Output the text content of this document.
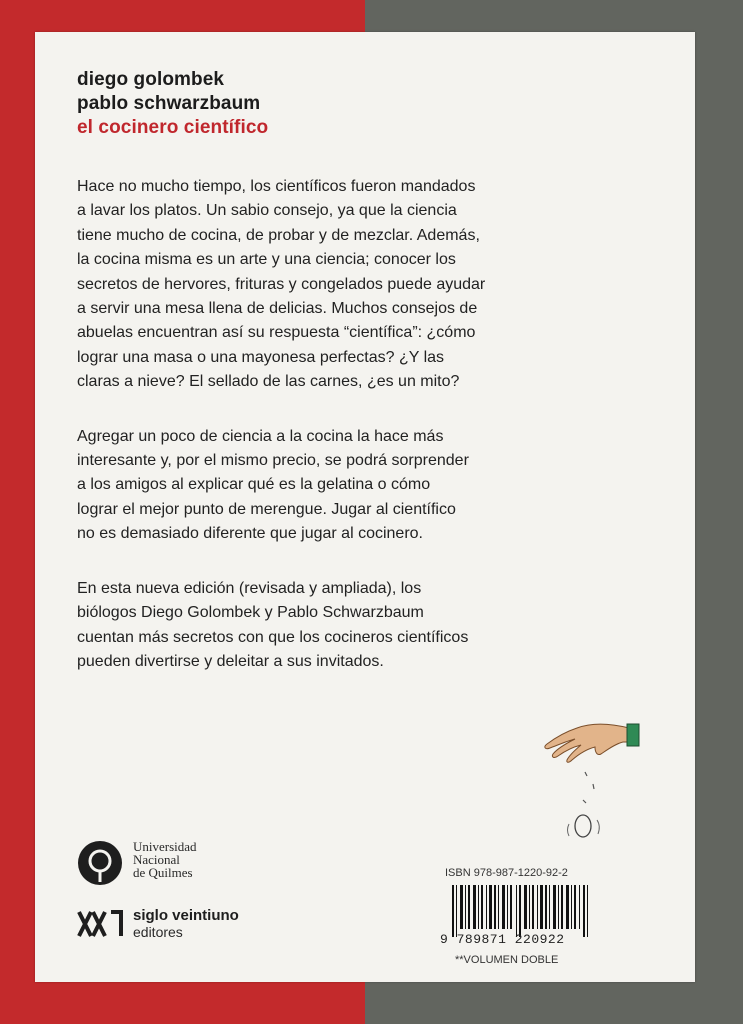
diego golombek
pablo schwarzbaum
el cocinero científico

Hace no mucho tiempo, los científicos fueron mandados
a lavar los platos. Un sabio consejo, ya que la ciencia
tiene mucho de cocina, de probar y de mezclar. Además,
la cocina misma es un arte y una ciencia; conocer los
secretos de hervores, frituras y congelados puede ayudar
a servir una mesa llena de delicias. Muchos consejos de
abuelas encuentran así su respuesta “científica”: ¿cómo
lograr una masa o una mayonesa perfectas? ¿Y las
claras a nieve? El sellado de las carnes, ¿es un mito?

Agregar un poco de ciencia a la cocina la hace más
interesante y, por el mismo precio, se podrá sorprender
a los amigos al explicar qué es la gelatina o cómo
lograr el mejor punto de merengue. Jugar al científico
no es demasiado diferente que jugar al cocinero.

En esta nueva edición (revisada y ampliada), los
biólogos Diego Golombek y Pablo Schwarzbaum
cuentan más secretos con que los cocineros científicos
pueden divertirse y deleitar a sus invitados.

Universidad
Nacional
de Quilmes
siglo veintiuno
editores
ISBN 978-987-1220-92-2
9 789871 220922
**VOLUMEN DOBLE
